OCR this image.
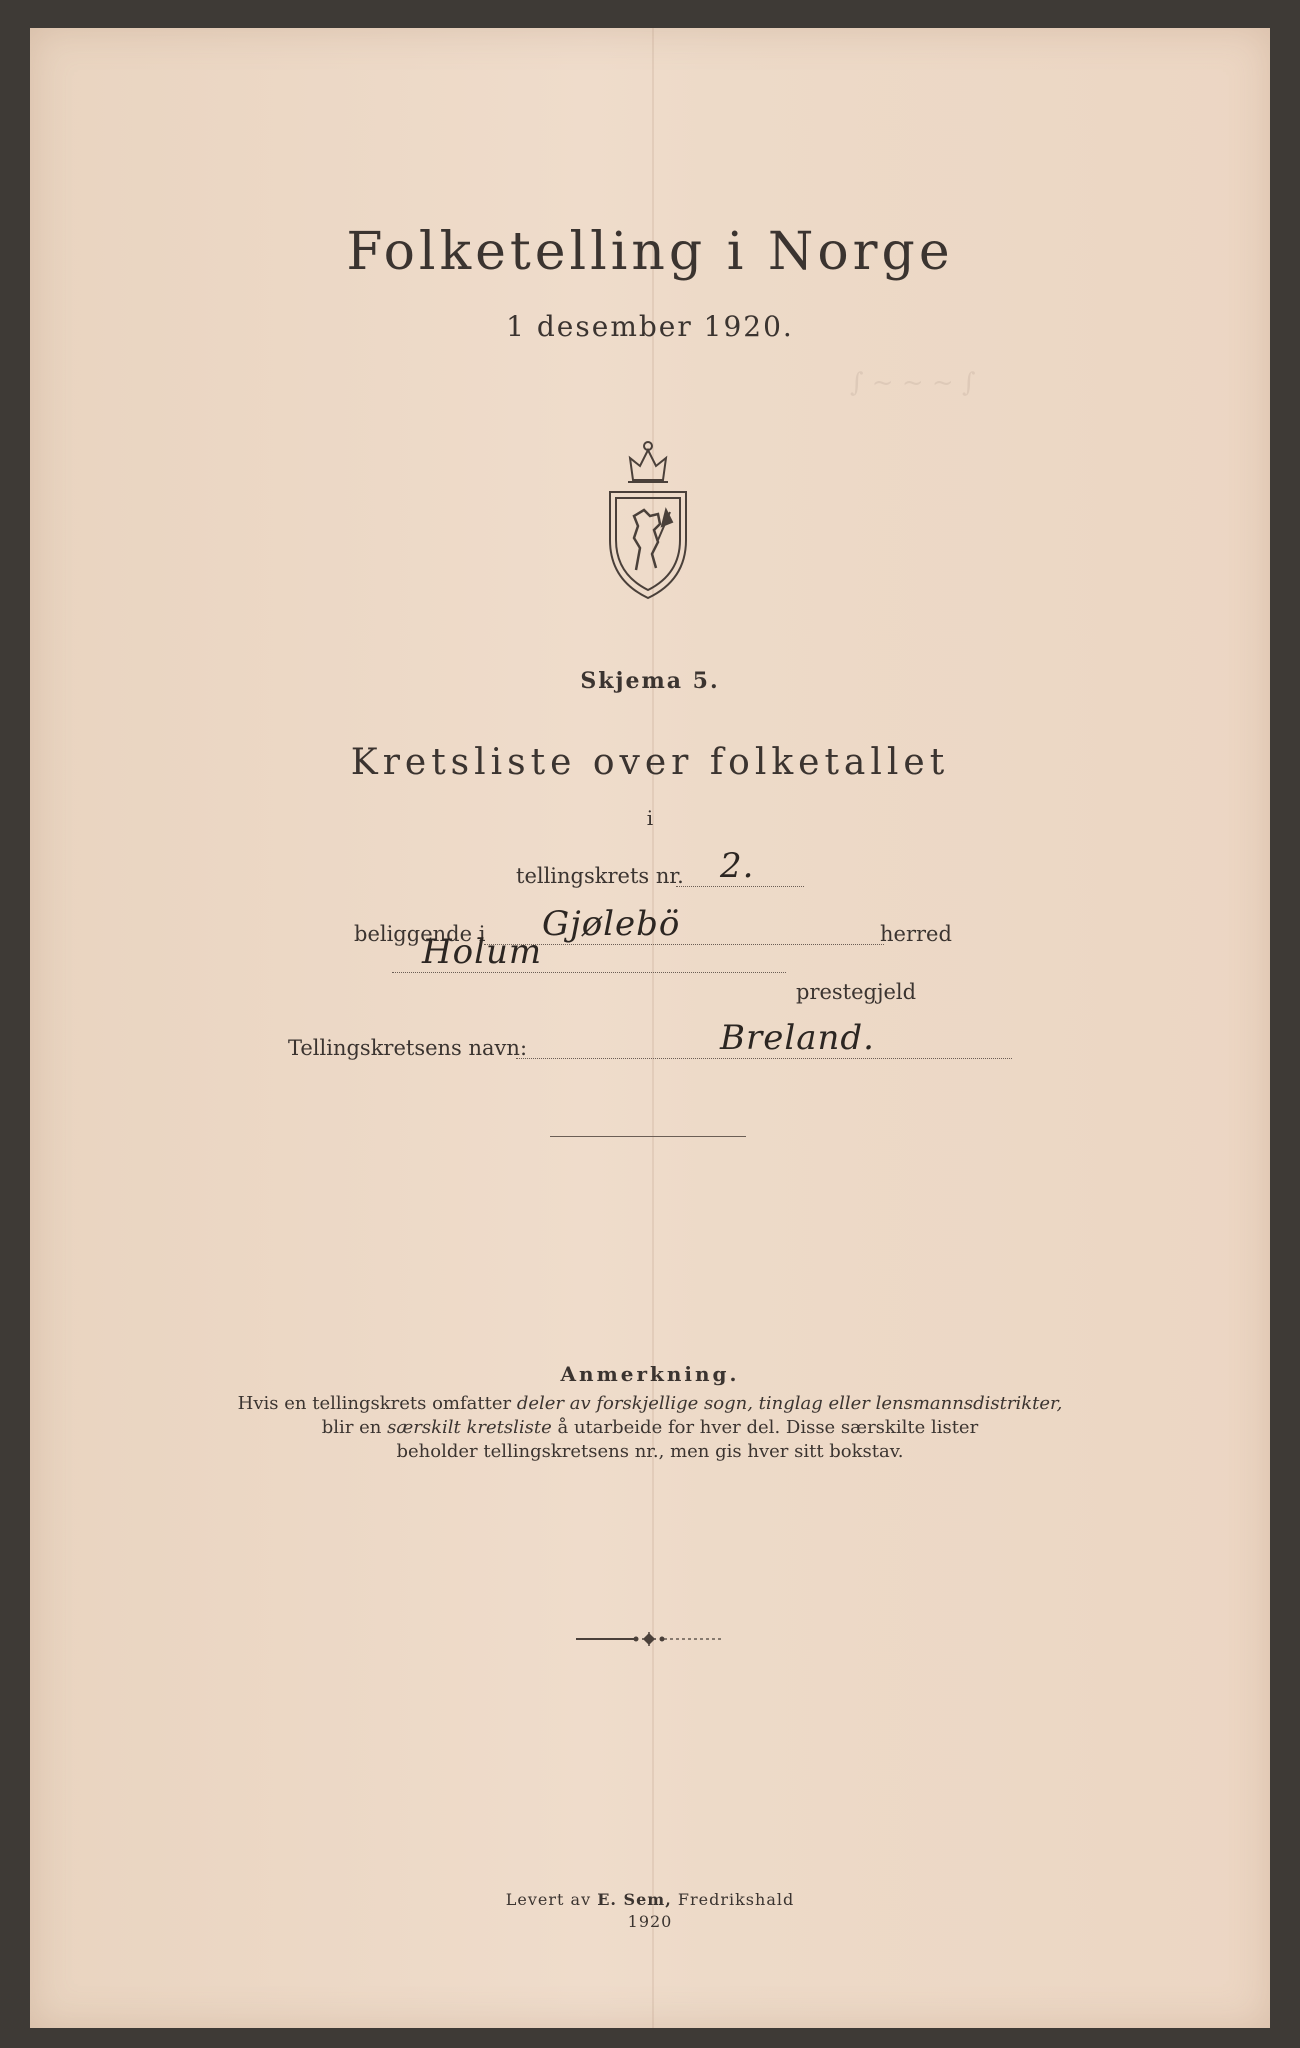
∫ ~ ~ ~ ∫
Folketelling i Norge
1 desember 1920.
Skjema 5.
Kretsliste over folketallet
i
tellingskrets nr. 2.
beliggende i Gjølebö	herred
Holum
prestegjeld
Tellingskretsens navn:	Breland.
Anmerkning.
Hvis en tellingskrets omfatter deler av forskjellige sogn, tinglag eller lensmannsdistrikter,
blir en særskilt kretsliste å utarbeide for hver del. Disse særskilte lister
beholder tellingskretsens nr., men gis hver sitt bokstav.
Levert av E. Sem, Fredrikshald
1920
